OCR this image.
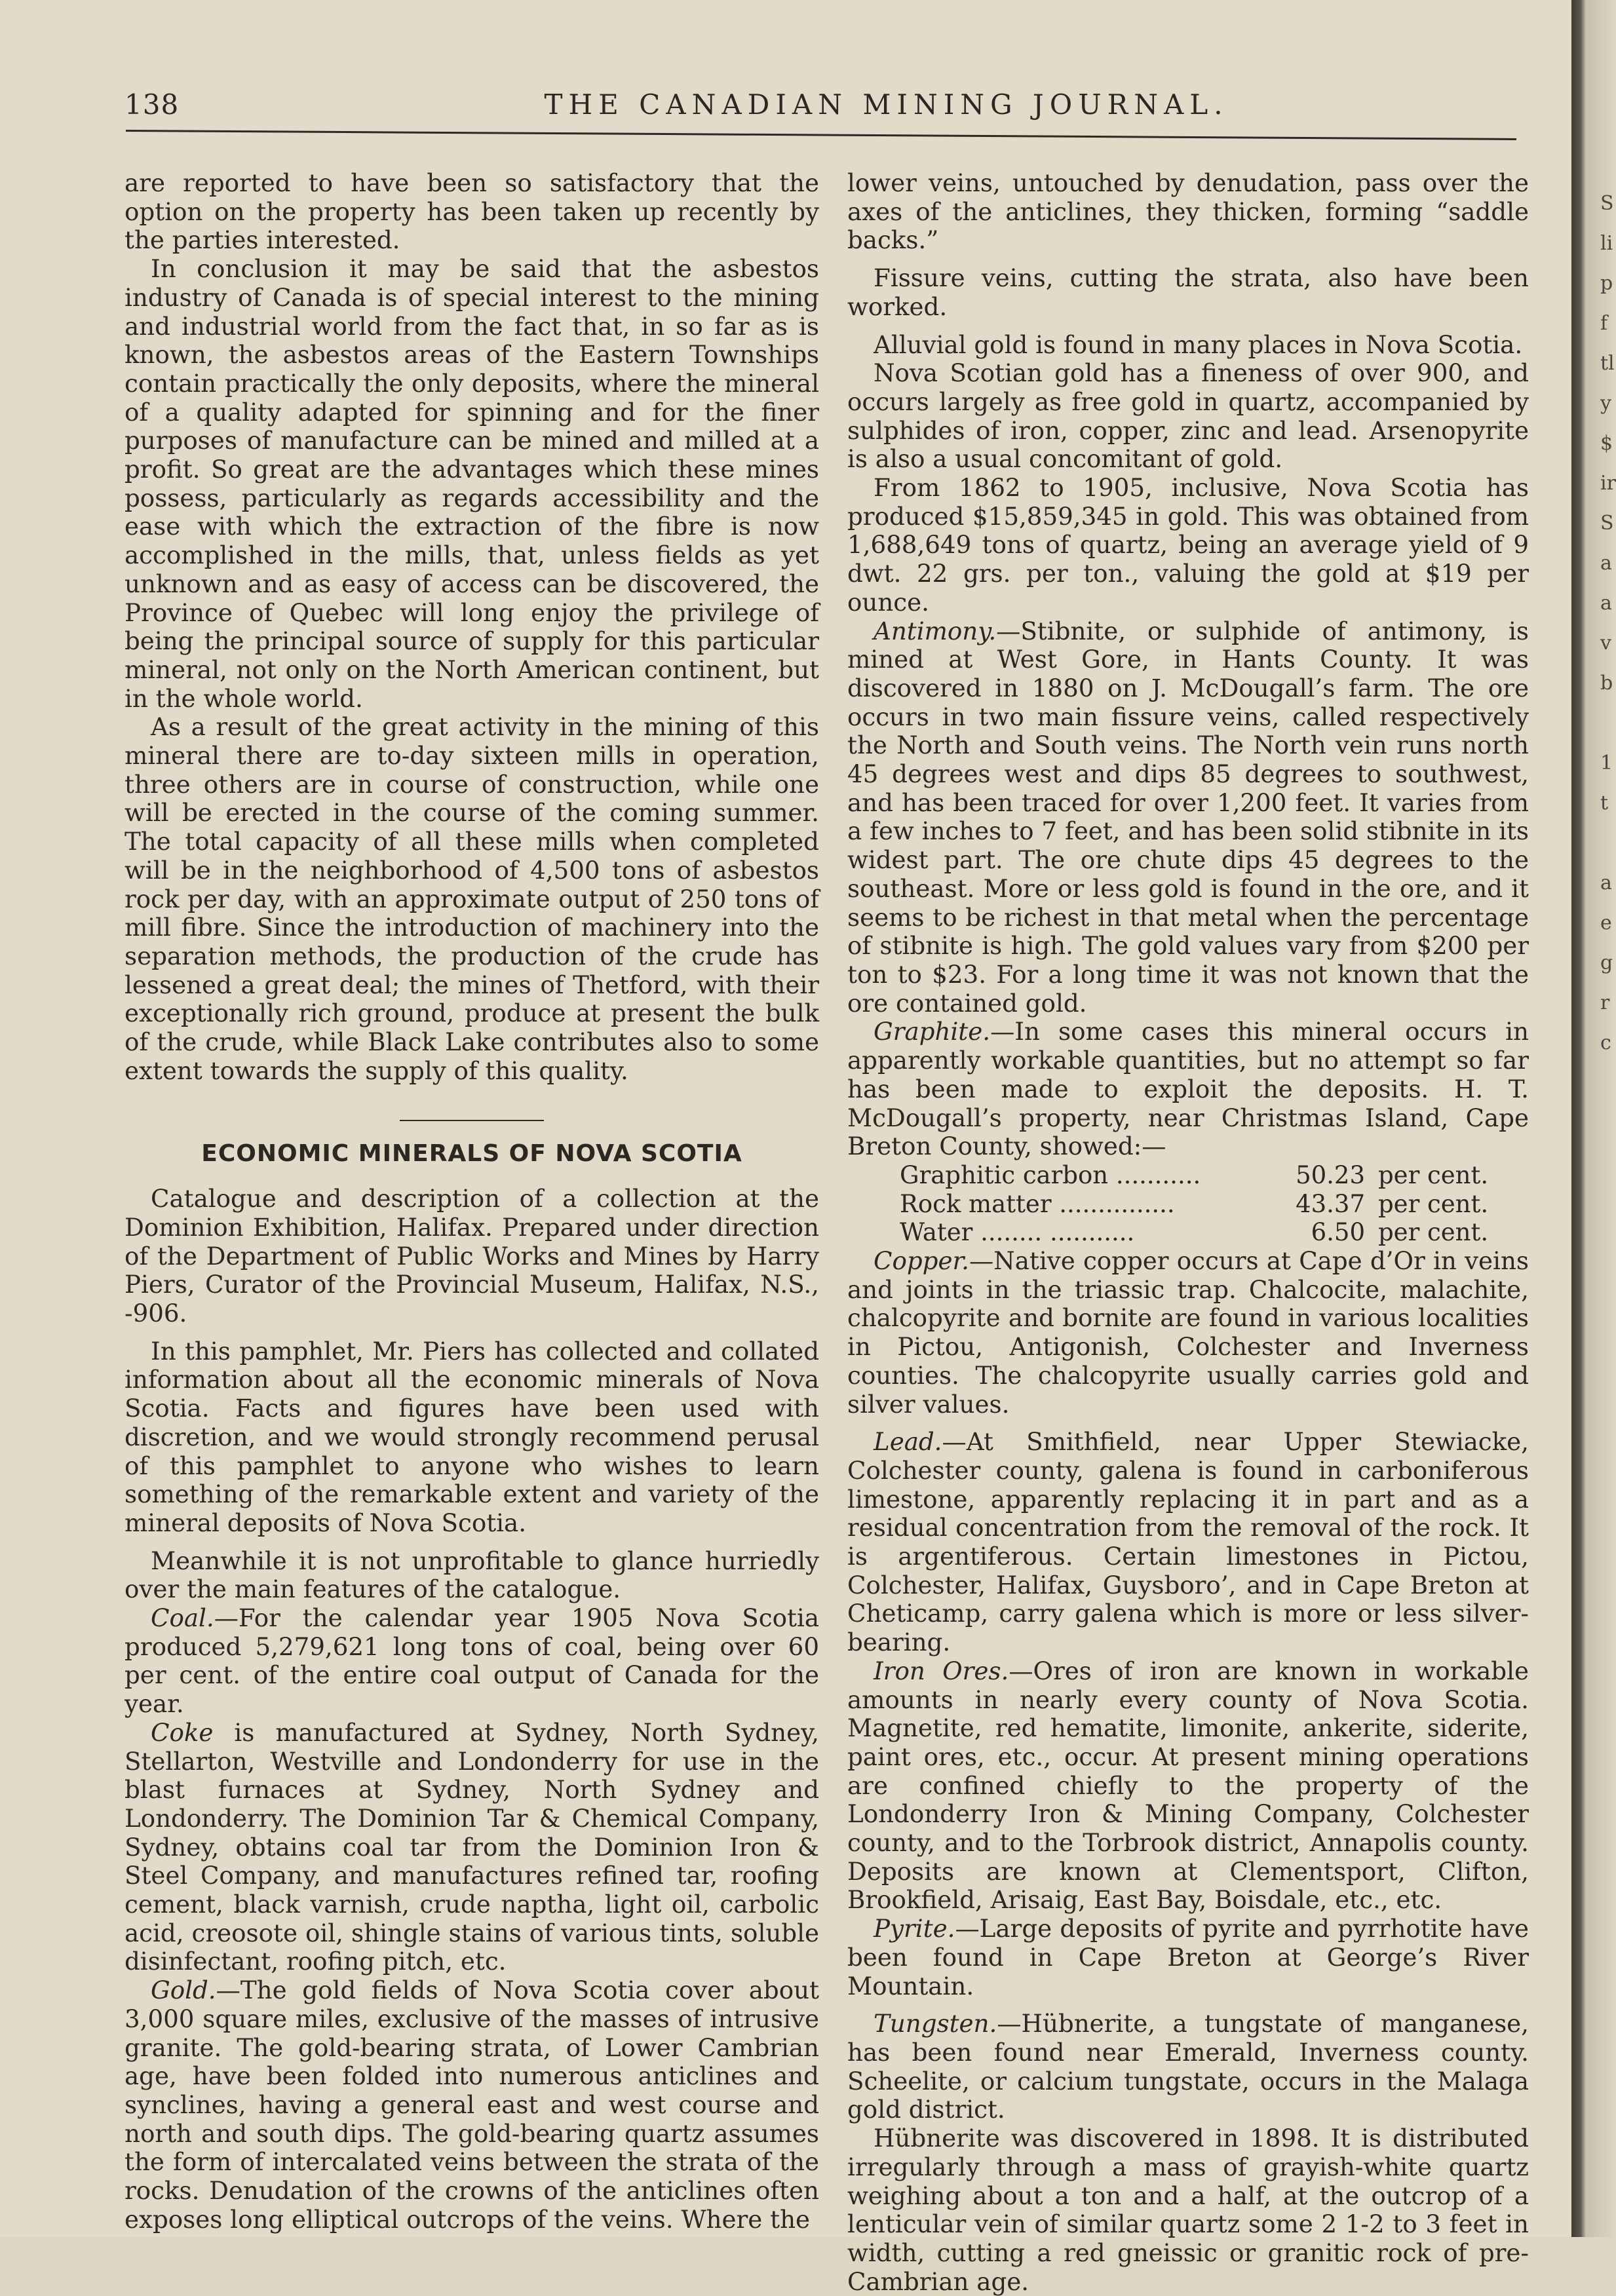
138	THE CANADIAN MINING JOURNAL.

are reported to have been so satisfactory that the option on the property has been taken up recently by the parties interested.

In conclusion it may be said that the asbestos industry of Canada is of special interest to the mining and industrial world from the fact that, in so far as is known, the asbestos areas of the Eastern Townships contain practically the only deposits, where the mineral of a quality adapted for spinning and for the finer purposes of manufacture can be mined and milled at a profit. So great are the advantages which these mines possess, particularly as regards accessibility and the ease with which the extraction of the fibre is now accomplished in the mills, that, unless fields as yet unknown and as easy of access can be discovered, the Province of Quebec will long enjoy the privilege of being the principal source of supply for this particular mineral, not only on the North American continent, but in the whole world.

As a result of the great activity in the mining of this mineral there are to-day sixteen mills in operation, three others are in course of construction, while one will be erected in the course of the coming summer. The total capacity of all these mills when completed will be in the neighborhood of 4,500 tons of asbestos rock per day, with an approximate output of 250 tons of mill fibre. Since the introduction of machinery into the separation methods, the production of the crude has lessened a great deal; the mines of Thetford, with their exceptionally rich ground, produce at present the bulk of the crude, while Black Lake contributes also to some extent towards the supply of this quality.

ECONOMIC MINERALS OF NOVA SCOTIA

Catalogue and description of a collection at the Dominion Exhibition, Halifax. Prepared under direction of the Department of Public Works and Mines by Harry Piers, Curator of the Provincial Museum, Halifax, N.S., -906.

In this pamphlet, Mr. Piers has collected and collated information about all the economic minerals of Nova Scotia. Facts and figures have been used with discretion, and we would strongly recommend perusal of this pamphlet to anyone who wishes to learn something of the remarkable extent and variety of the mineral deposits of Nova Scotia.

Meanwhile it is not unprofitable to glance hurriedly over the main features of the catalogue.

Coal.—For the calendar year 1905 Nova Scotia produced 5,279,621 long tons of coal, being over 60 per cent. of the entire coal output of Canada for the year.

Coke is manufactured at Sydney, North Sydney, Stellarton, Westville and Londonderry for use in the blast furnaces at Sydney, North Sydney and Londonderry. The Dominion Tar & Chemical Company, Sydney, obtains coal tar from the Dominion Iron & Steel Company, and manufactures refined tar, roofing cement, black varnish, crude naptha, light oil, carbolic acid, creosote oil, shingle stains of various tints, soluble disinfectant, roofing pitch, etc.

Gold.—The gold fields of Nova Scotia cover about 3,000 square miles, exclusive of the masses of intrusive granite. The gold-bearing strata, of Lower Cambrian age, have been folded into numerous anticlines and synclines, having a general east and west course and north and south dips. The gold-bearing quartz assumes the form of intercalated veins between the strata of the rocks. Denudation of the crowns of the anticlines often exposes long elliptical outcrops of the veins. Where the

lower veins, untouched by denudation, pass over the axes of the anticlines, they thicken, forming “saddle backs.”

Fissure veins, cutting the strata, also have been worked.

Alluvial gold is found in many places in Nova Scotia.

Nova Scotian gold has a fineness of over 900, and occurs largely as free gold in quartz, accompanied by sulphides of iron, copper, zinc and lead. Arsenopyrite is also a usual concomitant of gold.

From 1862 to 1905, inclusive, Nova Scotia has produced $15,859,345 in gold. This was obtained from 1,688,649 tons of quartz, being an average yield of 9 dwt. 22 grs. per ton., valuing the gold at $19 per ounce.

Antimony.—Stibnite, or sulphide of antimony, is mined at West Gore, in Hants County. It was discovered in 1880 on J. McDougall’s farm. The ore occurs in two main fissure veins, called respectively the North and South veins. The North vein runs north 45 degrees west and dips 85 degrees to southwest, and has been traced for over 1,200 feet. It varies from a few inches to 7 feet, and has been solid stibnite in its widest part. The ore chute dips 45 degrees to the southeast. More or less gold is found in the ore, and it seems to be richest in that metal when the percentage of stibnite is high. The gold values vary from $200 per ton to $23. For a long time it was not known that the ore contained gold.

Graphite.—In some cases this mineral occurs in apparently workable quantities, but no attempt so far has been made to exploit the deposits. H. T. McDougall’s property, near Christmas Island, Cape Breton County, showed:—

Graphitic carbon ...........	50.23 per cent.
Rock matter ...............	43.37 per cent.
Water ........ ...........	6.50 per cent.

Copper.—Native copper occurs at Cape d’Or in veins and joints in the triassic trap. Chalcocite, malachite, chalcopyrite and bornite are found in various localities in Pictou, Antigonish, Colchester and Inverness counties. The chalcopyrite usually carries gold and silver values.

Lead.—At Smithfield, near Upper Stewiacke, Colchester county, galena is found in carboniferous limestone, apparently replacing it in part and as a residual concentration from the removal of the rock. It is argentiferous. Certain limestones in Pictou, Colchester, Halifax, Guysboro’, and in Cape Breton at Cheticamp, carry galena which is more or less silver-bearing.

Iron Ores.—Ores of iron are known in workable amounts in nearly every county of Nova Scotia. Magnetite, red hematite, limonite, ankerite, siderite, paint ores, etc., occur. At present mining operations are confined chiefly to the property of the Londonderry Iron & Mining Company, Colchester county, and to the Torbrook district, Annapolis county. Deposits are known at Clementsport, Clifton, Brookfield, Arisaig, East Bay, Boisdale, etc., etc.

Pyrite.—Large deposits of pyrite and pyrrhotite have been found in Cape Breton at George’s River Mountain.

Tungsten.—Hübnerite, a tungstate of manganese, has been found near Emerald, Inverness county. Scheelite, or calcium tungstate, occurs in the Malaga gold district.

Hübnerite was discovered in 1898. It is distributed irregularly through a mass of grayish-white quartz weighing about a ton and a half, at the outcrop of a lenticular vein of similar quartz some 2 1-2 to 3 feet in width, cutting a red gneissic or granitic rock of pre-Cambrian age.

S
li
p
f
tl
y
$
ir
S
a
a
v
b
1
t
a
e
g
r
c
